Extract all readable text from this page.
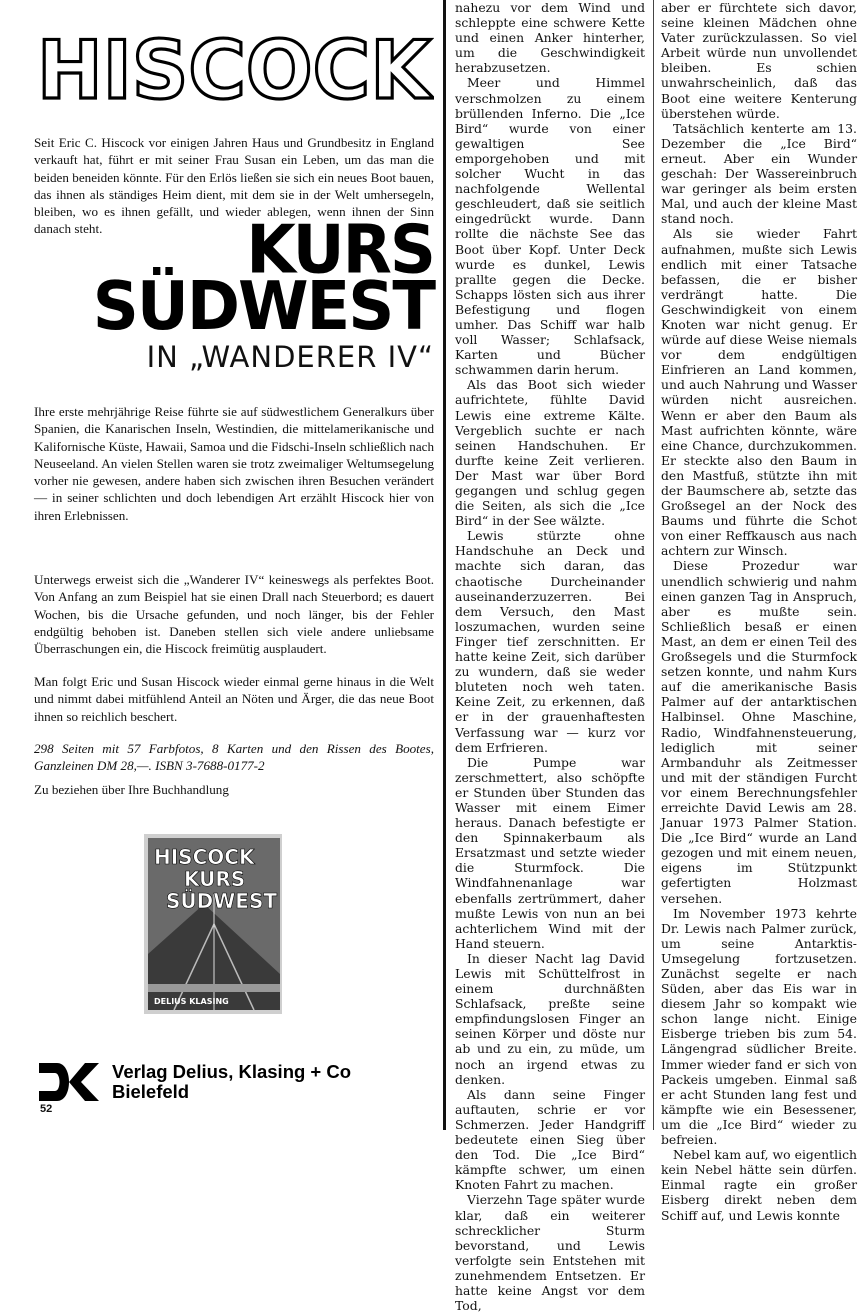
HISCOCK

Seit Eric C. Hiscock vor einigen Jahren Haus und Grundbesitz in England verkauft hat, führt er mit seiner Frau Susan ein Leben, um das man die beiden beneiden könnte. Für den Erlös ließen sie sich ein neues Boot bauen, das ihnen als ständiges Heim dient, mit dem sie in der Welt umhersegeln, bleiben, wo es ihnen gefällt, und wieder ablegen, wenn ihnen der Sinn danach steht.	KURS
SÜDWEST

IN „WANDERER IV“

Ihre erste mehrjährige Reise führte sie auf südwestlichem Generalkurs über Spanien, die Kanarischen Inseln, Westindien, die mittelamerikanische und Kalifornische Küste, Hawaii, Samoa und die Fidschi-Inseln schließlich nach Neuseeland. An vielen Stellen waren sie trotz zweimaliger Weltumsegelung vorher nie gewesen, andere haben sich zwischen ihren Besuchen verändert — in seiner schlichten und doch lebendigen Art erzählt Hiscock hier von ihren Erlebnissen.

Unterwegs erweist sich die „Wanderer IV“ keineswegs als perfektes Boot. Von Anfang an zum Beispiel hat sie einen Drall nach Steuerbord; es dauert Wochen, bis die Ursache gefunden, und noch länger, bis der Fehler endgültig behoben ist. Daneben stellen sich viele andere unliebsame Überraschungen ein, die Hiscock freimütig ausplaudert.

Man folgt Eric und Susan Hiscock wieder einmal gerne hinaus in die Welt und nimmt dabei mitfühlend Anteil an Nöten und Ärger, die das neue Boot ihnen so reichlich beschert.

298 Seiten mit 57 Farbfotos, 8 Karten und den Rissen des Bootes, Ganzleinen DM 28,—. ISBN 3-7688-0177-2

Zu beziehen über Ihre Buchhandlung

HISCOCK
KURS
SÜDWEST
DELIUS KLASING
Verlag Delius, Klasing + Co
Bielefeld
52

nahezu vor dem Wind und schleppte eine schwere Kette und einen Anker hinterher, um die Geschwindigkeit herabzusetzen.

Meer und Himmel verschmolzen zu einem brüllenden Inferno. Die „Ice Bird“ wurde von einer gewaltigen See emporgehoben und mit solcher Wucht in das nachfolgende Wellental geschleudert, daß sie seitlich eingedrückt wurde. Dann rollte die nächste See das Boot über Kopf. Unter Deck wurde es dunkel, Lewis prallte gegen die Decke. Schapps lösten sich aus ihrer Befestigung und flogen umher. Das Schiff war halb voll Wasser; Schlafsack, Karten und Bücher schwammen darin herum.

Als das Boot sich wieder aufrichtete, fühlte David Lewis eine extreme Kälte. Vergeblich suchte er nach seinen Handschuhen. Er durfte keine Zeit verlieren. Der Mast war über Bord gegangen und schlug gegen die Seiten, als sich die „Ice Bird“ in der See wälzte.

Lewis stürzte ohne Handschuhe an Deck und machte sich daran, das chaotische Durcheinander auseinanderzuzerren. Bei dem Versuch, den Mast loszumachen, wurden seine Finger tief zerschnitten. Er hatte keine Zeit, sich darüber zu wundern, daß sie weder bluteten noch weh taten. Keine Zeit, zu erkennen, daß er in der grauenhaftesten Verfassung war — kurz vor dem Erfrieren.

Die Pumpe war zerschmettert, also schöpfte er Stunden über Stunden das Wasser mit einem Eimer heraus. Danach befestigte er den Spinnakerbaum als Ersatzmast und setzte wieder die Sturmfock. Die Windfahnenanlage war ebenfalls zertrümmert, daher mußte Lewis von nun an bei achterlichem Wind mit der Hand steuern.

In dieser Nacht lag David Lewis mit Schüttelfrost in einem durchnäßten Schlafsack, preßte seine empfindungslosen Finger an seinen Körper und döste nur ab und zu ein, zu müde, um noch an irgend etwas zu denken.

Als dann seine Finger auftauten, schrie er vor Schmerzen. Jeder Handgriff bedeutete einen Sieg über den Tod. Die „Ice Bird“ kämpfte schwer, um einen Knoten Fahrt zu machen.

Vierzehn Tage später wurde klar, daß ein weiterer schrecklicher Sturm bevorstand, und Lewis verfolgte sein Entstehen mit zunehmendem Entsetzen. Er hatte keine Angst vor dem Tod,

aber er fürchtete sich davor, seine kleinen Mädchen ohne Vater zurückzulassen. So viel Arbeit würde nun unvollendet bleiben. Es schien unwahrscheinlich, daß das Boot eine weitere Kenterung überstehen würde.

Tatsächlich kenterte am 13. Dezember die „Ice Bird“ erneut. Aber ein Wunder geschah: Der Wassereinbruch war geringer als beim ersten Mal, und auch der kleine Mast stand noch.

Als sie wieder Fahrt aufnahmen, mußte sich Lewis endlich mit einer Tatsache befassen, die er bisher verdrängt hatte. Die Geschwindigkeit von einem Knoten war nicht genug. Er würde auf diese Weise niemals vor dem endgültigen Einfrieren an Land kommen, und auch Nahrung und Wasser würden nicht ausreichen. Wenn er aber den Baum als Mast aufrichten könnte, wäre eine Chance, durchzukommen. Er steckte also den Baum in den Mastfuß, stützte ihn mit der Baumschere ab, setzte das Großsegel an der Nock des Baums und führte die Schot von einer Reffkausch aus nach achtern zur Winsch.

Diese Prozedur war unendlich schwierig und nahm einen ganzen Tag in Anspruch, aber es mußte sein. Schließlich besaß er einen Mast, an dem er einen Teil des Großsegels und die Sturmfock setzen konnte, und nahm Kurs auf die amerikanische Basis Palmer auf der antarktischen Halbinsel. Ohne Maschine, Radio, Windfahnensteuerung, lediglich mit seiner Armbanduhr als Zeitmesser und mit der ständigen Furcht vor einem Berechnungsfehler erreichte David Lewis am 28. Januar 1973 Palmer Station. Die „Ice Bird“ wurde an Land gezogen und mit einem neuen, eigens im Stützpunkt gefertigten Holzmast versehen.

Im November 1973 kehrte Dr. Lewis nach Palmer zurück, um seine Antarktis-Umsegelung fortzusetzen. Zunächst segelte er nach Süden, aber das Eis war in diesem Jahr so kompakt wie schon lange nicht. Einige Eisberge trieben bis zum 54. Längengrad südlicher Breite. Immer wieder fand er sich von Packeis umgeben. Einmal saß er acht Stunden lang fest und kämpfte wie ein Besessener, um die „Ice Bird“ wieder zu befreien.

Nebel kam auf, wo eigentlich kein Nebel hätte sein dürfen. Einmal ragte ein großer Eisberg direkt neben dem Schiff auf, und Lewis konnte
